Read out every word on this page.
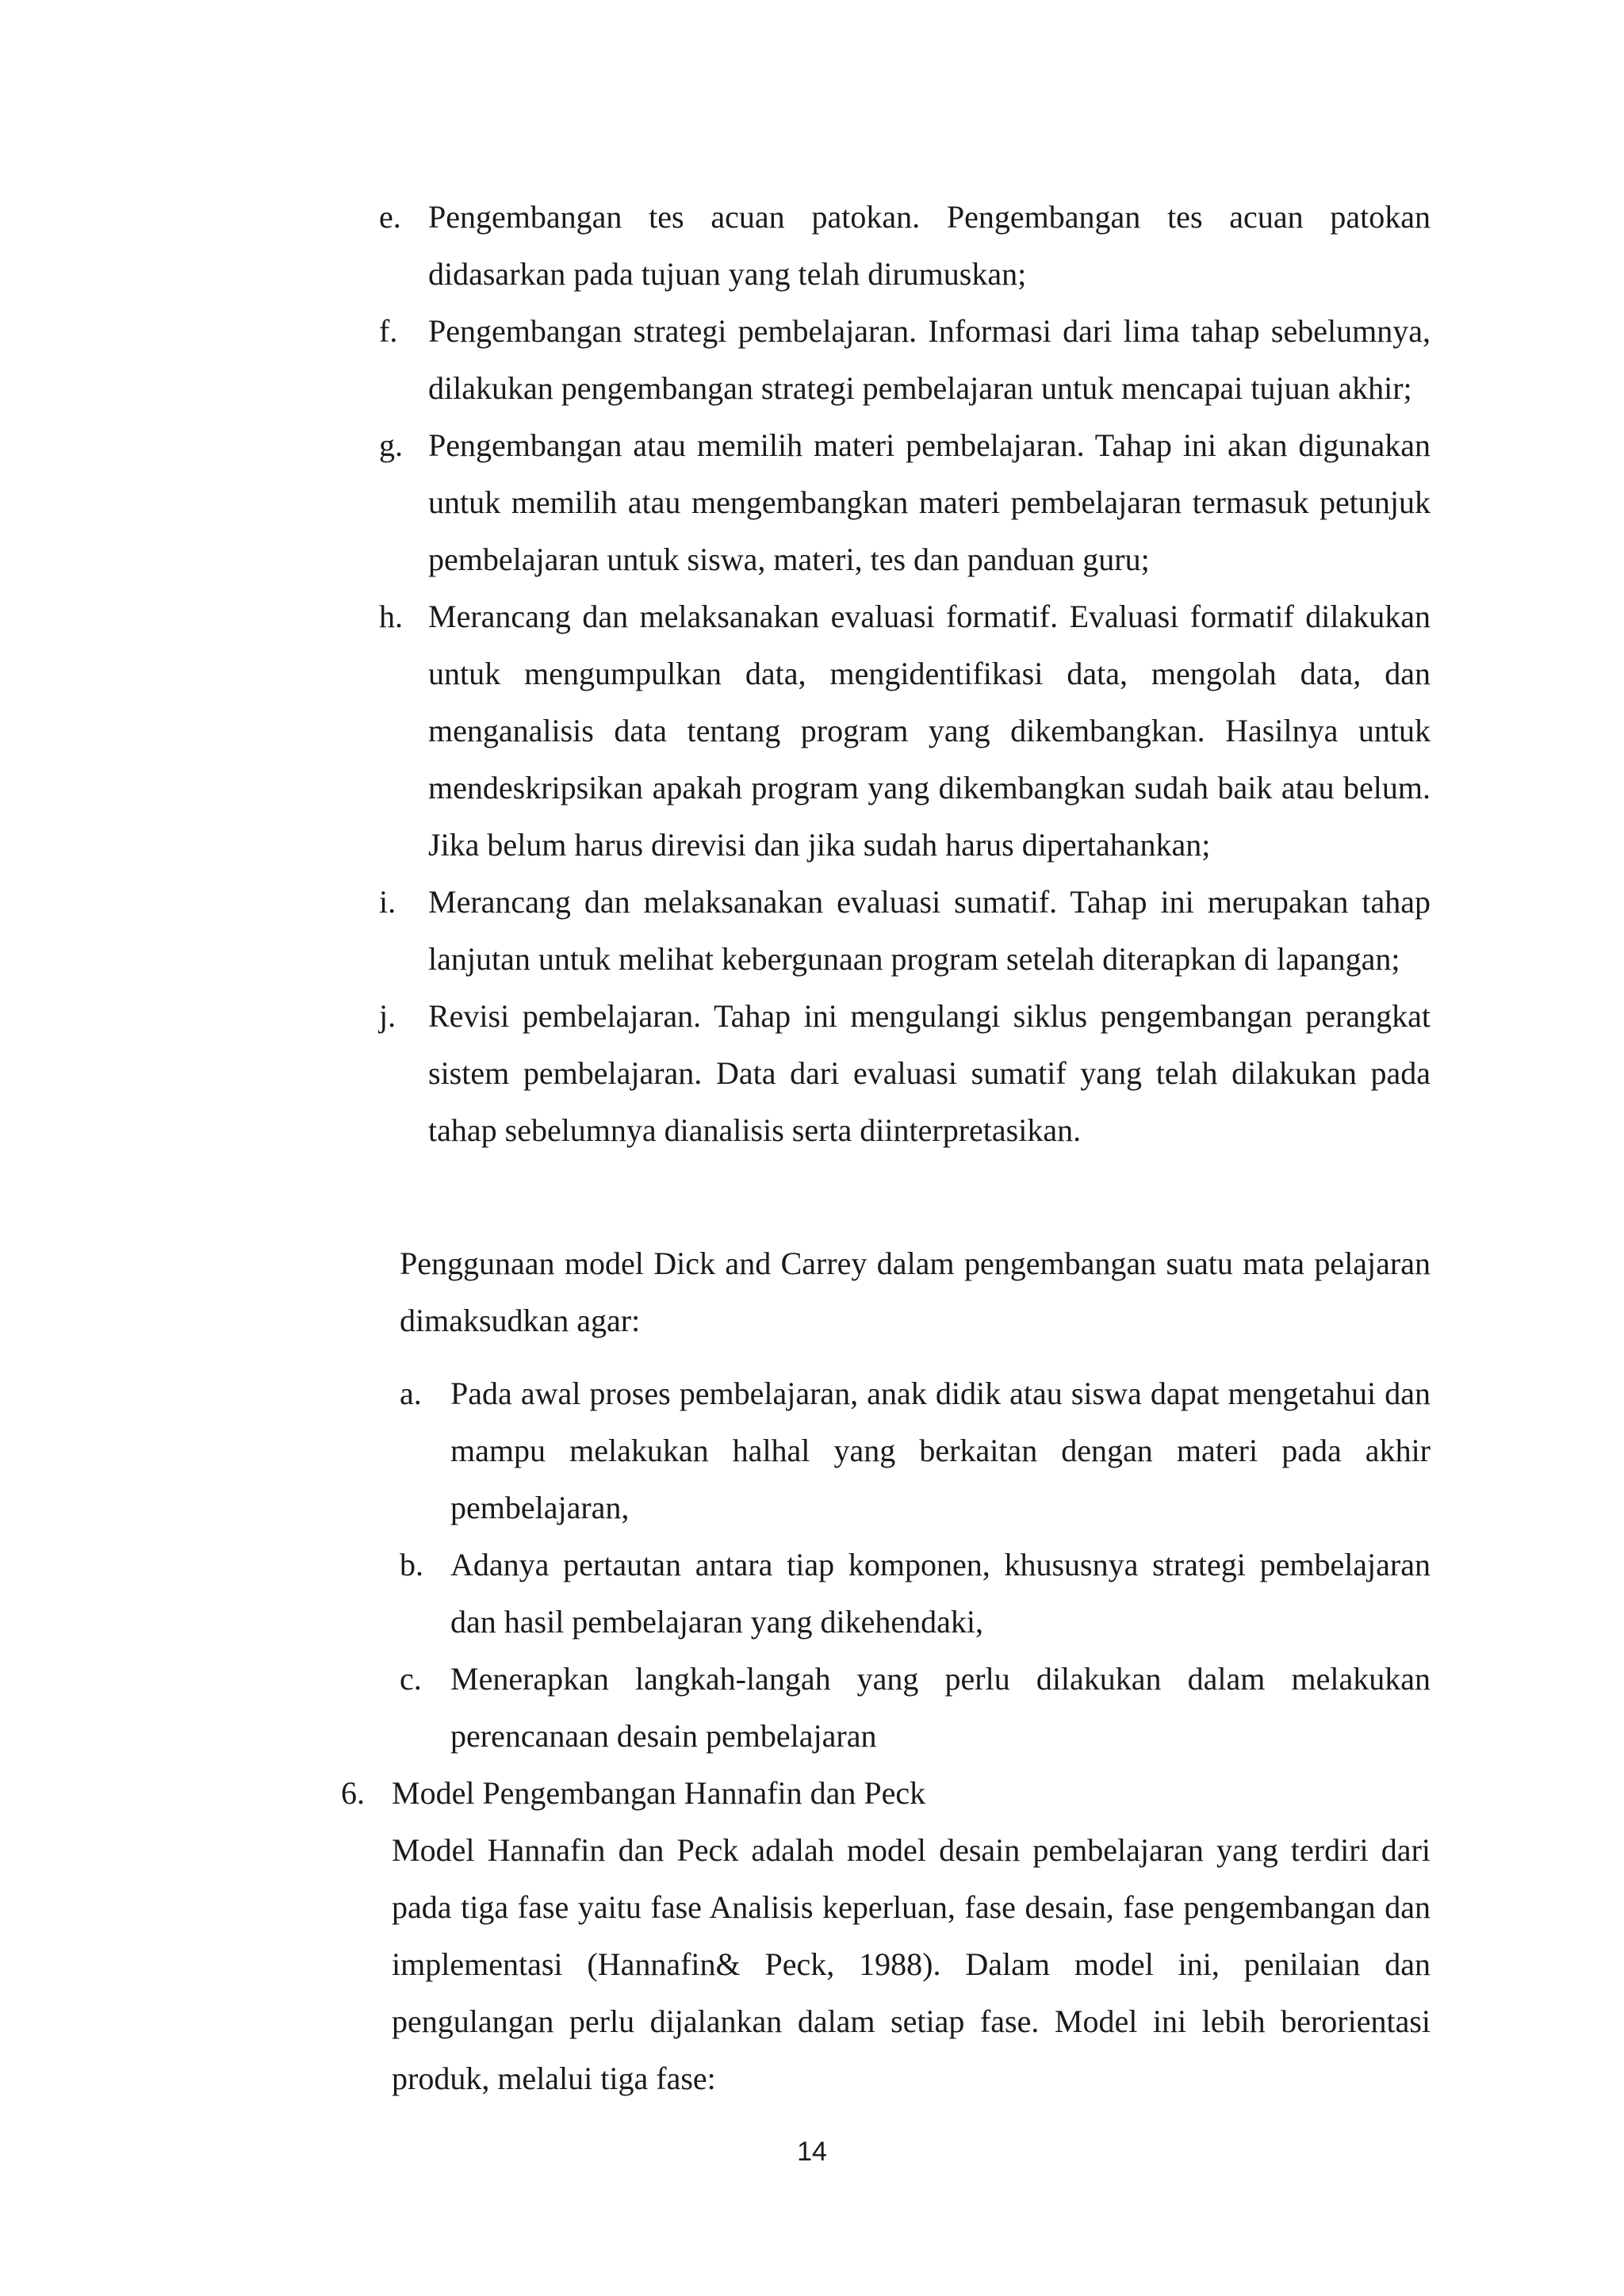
e. Pengembangan tes acuan patokan. Pengembangan tes acuan patokan didasarkan pada tujuan yang telah dirumuskan;
f. Pengembangan strategi pembelajaran. Informasi dari lima tahap sebelumnya, dilakukan pengembangan strategi pembelajaran untuk mencapai tujuan akhir;
g. Pengembangan atau memilih materi pembelajaran. Tahap ini akan digunakan untuk memilih atau mengembangkan materi pembelajaran termasuk petunjuk pembelajaran untuk siswa, materi, tes dan panduan guru;
h. Merancang dan melaksanakan evaluasi formatif. Evaluasi formatif dilakukan untuk mengumpulkan data, mengidentifikasi data, mengolah data, dan menganalisis data tentang program yang dikembangkan. Hasilnya untuk mendeskripsikan apakah program yang dikembangkan sudah baik atau belum. Jika belum harus direvisi dan jika sudah harus dipertahankan;
i. Merancang dan melaksanakan evaluasi sumatif. Tahap ini merupakan tahap lanjutan untuk melihat kebergunaan program setelah diterapkan di lapangan;
j. Revisi pembelajaran. Tahap ini mengulangi siklus pengembangan perangkat sistem pembelajaran. Data dari evaluasi sumatif yang telah dilakukan pada tahap sebelumnya dianalisis serta diinterpretasikan.

Penggunaan model Dick and Carrey dalam pengembangan suatu mata pelajaran dimaksudkan agar:

a. Pada awal proses pembelajaran, anak didik atau siswa dapat mengetahui dan mampu melakukan halhal yang berkaitan dengan materi pada akhir pembelajaran,
b. Adanya pertautan antara tiap komponen, khususnya strategi pembelajaran dan hasil pembelajaran yang dikehendaki,
c. Menerapkan langkah-langah yang perlu dilakukan dalam melakukan perencanaan desain pembelajaran

6. Model Pengembangan Hannafin dan Peck

Model Hannafin dan Peck adalah model desain pembelajaran yang terdiri dari pada tiga fase yaitu fase Analisis keperluan, fase desain, fase pengembangan dan implementasi (Hannafin& Peck, 1988). Dalam model ini, penilaian dan pengulangan perlu dijalankan dalam setiap fase. Model ini lebih berorientasi produk, melalui tiga fase:

14
